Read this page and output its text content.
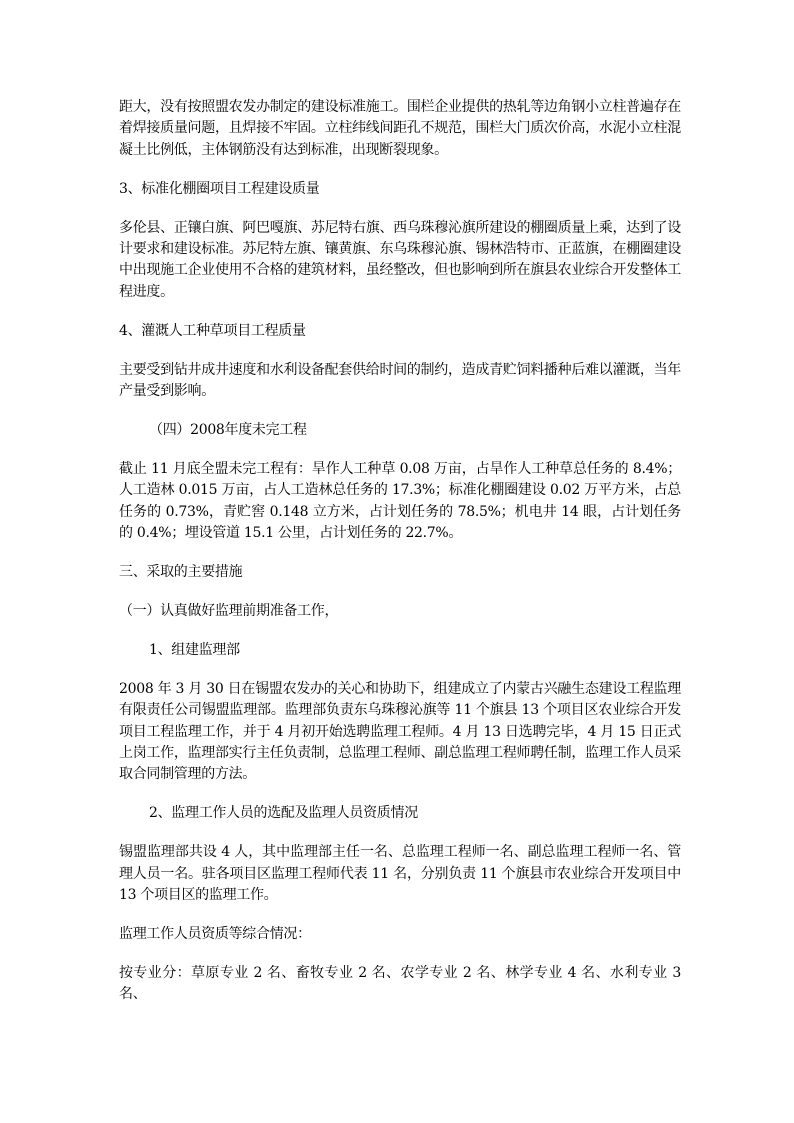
距大，没有按照盟农发办制定的建设标准施工。围栏企业提供的热轧等边角钢小立柱普遍存在着焊接质量问题，且焊接不牢固。立柱纬线间距孔不规范，围栏大门质次价高，水泥小立柱混凝土比例低，主体钢筋没有达到标准，出现断裂现象。

3、标准化棚圈项目工程建设质量

多伦县、正镶白旗、阿巴嘎旗、苏尼特右旗、西乌珠穆沁旗所建设的棚圈质量上乘，达到了设计要求和建设标准。苏尼特左旗、镶黄旗、东乌珠穆沁旗、锡林浩特市、正蓝旗，在棚圈建设中出现施工企业使用不合格的建筑材料，虽经整改，但也影响到所在旗县农业综合开发整体工程进度。

4、灌溉人工种草项目工程质量

主要受到钻井成井速度和水利设备配套供给时间的制约，造成青贮饲料播种后难以灌溉，当年产量受到影响。

（四）2008年度未完工程

截止 11 月底全盟未完工程有：旱作人工种草 0.08 万亩，占旱作人工种草总任务的 8.4%；人工造林 0.015 万亩，占人工造林总任务的 17.3%；标准化棚圈建设 0.02 万平方米，占总任务的 0.73%，青贮窖 0.148 立方米，占计划任务的 78.5%；机电井 14 眼，占计划任务的 0.4%；埋设管道 15.1 公里，占计划任务的 22.7%。

三、采取的主要措施

（一）认真做好监理前期准备工作，

1、组建监理部

2008 年 3 月 30 日在锡盟农发办的关心和协助下，组建成立了内蒙古兴融生态建设工程监理有限责任公司锡盟监理部。监理部负责东乌珠穆沁旗等 11 个旗县 13 个项目区农业综合开发项目工程监理工作，并于 4 月初开始选聘监理工程师。4 月 13 日选聘完毕，4 月 15 日正式上岗工作，监理部实行主任负责制，总监理工程师、副总监理工程师聘任制，监理工作人员采取合同制管理的方法。

2、监理工作人员的选配及监理人员资质情况

锡盟监理部共设 4 人，其中监理部主任一名、总监理工程师一名、副总监理工程师一名、管理人员一名。驻各项目区监理工程师代表 11 名，分别负责 11 个旗县市农业综合开发项目中 13 个项目区的监理工作。

监理工作人员资质等综合情况：

按专业分：草原专业 2 名、畜牧专业 2 名、农学专业 2 名、林学专业 4 名、水利专业 3 名、
